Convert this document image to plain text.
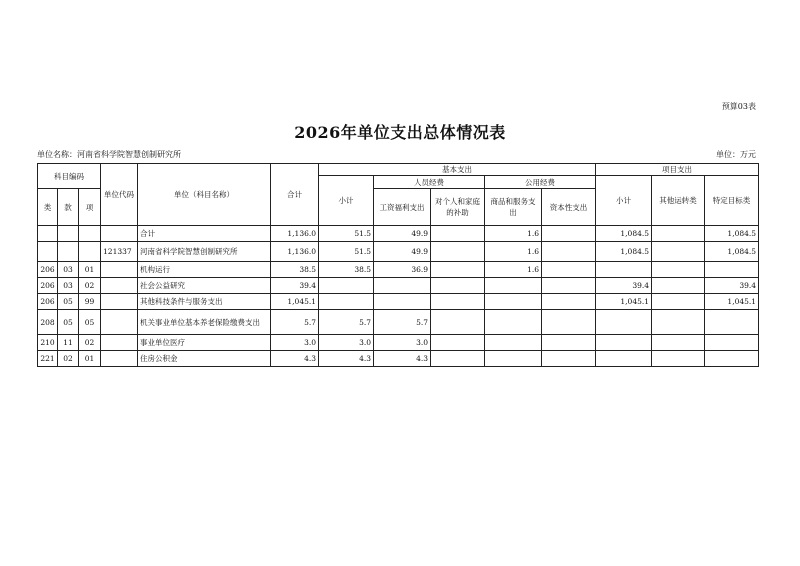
预算03表
2026年单位支出总体情况表
单位名称：河南省科学院智慧创制研究所	单位：万元
科目编码			单位代码	单位（科目名称）	合计	基本支出					项目支出		
						小计	人员经费		公用经费		小计	其他运转类	特定目标类
类	款	项					工资福利支出	对个人和家庭的补助	商品和服务支出	资本性支出			

				合计	1,136.0	51.5	49.9		1.6		1,084.5		1,084.5
			121337	河南省科学院智慧创制研究所	1,136.0	51.5	49.9		1.6		1,084.5		1,084.5
206	03	01		机构运行	38.5	38.5	36.9		1.6				
206	03	02		社会公益研究	39.4						39.4		39.4
206	05	99		其他科技条件与服务支出	1,045.1						1,045.1		1,045.1
208	05	05		机关事业单位基本养老保险缴费支出	5.7	5.7	5.7						
210	11	02		事业单位医疗	3.0	3.0	3.0						
221	02	01		住房公积金	4.3	4.3	4.3						
